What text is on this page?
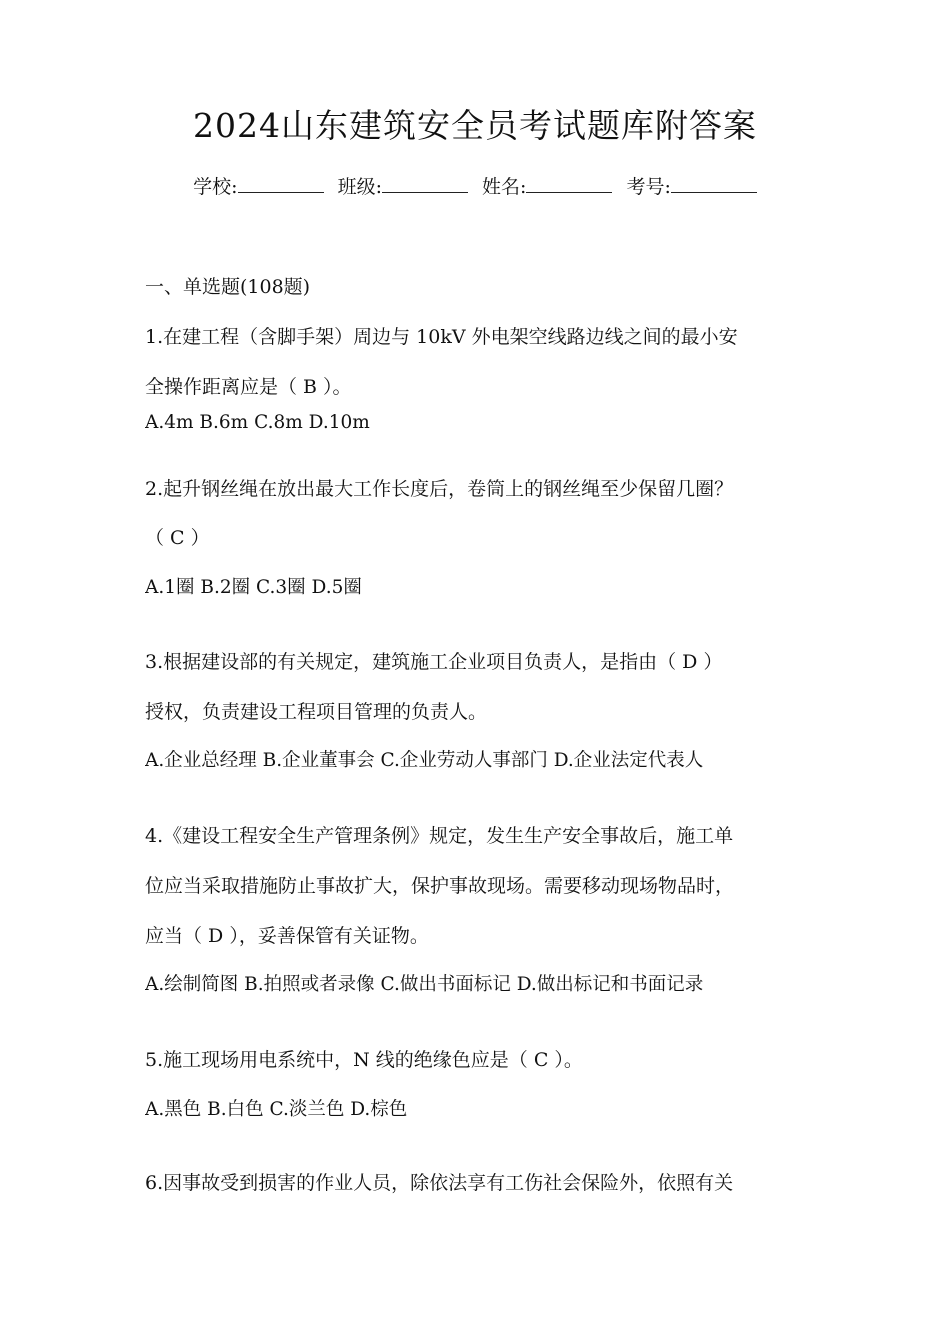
2024山东建筑安全员考试题库附答案
学校:	班级:	姓名:	考号:
一、单选题(108题)
1.在建工程（含脚手架）周边与 10kV 外电架空线路边线之间的最小安
全操作距离应是（ B ）。
A.4m B.6m C.8m D.10m
2.起升钢丝绳在放出最大工作长度后，卷筒上的钢丝绳至少保留几圈？
（ C ）
A.1圈 B.2圈 C.3圈 D.5圈
3.根据建设部的有关规定，建筑施工企业项目负责人，是指由（ D ）
授权，负责建设工程项目管理的负责人。
A.企业总经理 B.企业董事会 C.企业劳动人事部门 D.企业法定代表人
4.《建设工程安全生产管理条例》规定，发生生产安全事故后，施工单
位应当采取措施防止事故扩大，保护事故现场。需要移动现场物品时，
应当（ D ），妥善保管有关证物。
A.绘制简图 B.拍照或者录像 C.做出书面标记 D.做出标记和书面记录
5.施工现场用电系统中，N 线的绝缘色应是（ C ）。
A.黑色 B.白色 C.淡兰色 D.棕色
6.因事故受到损害的作业人员，除依法享有工伤社会保险外，依照有关
